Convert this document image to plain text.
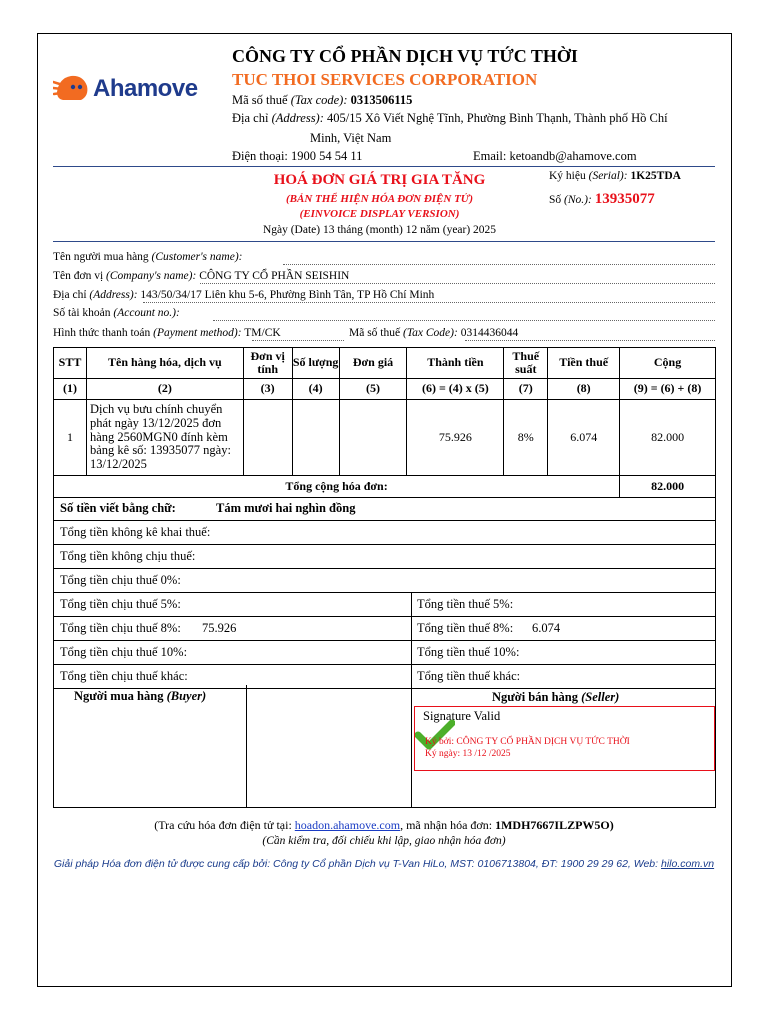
Ahamove
CÔNG TY CỔ PHẦN DỊCH VỤ TỨC THỜI
TUC THOI SERVICES CORPORATION
Mã số thuế (Tax code): 0313506115
Địa chỉ (Address): 405/15 Xô Viết Nghệ Tĩnh, Phường Bình Thạnh, Thành phố Hồ Chí
Minh, Việt Nam
Điện thoại: 1900 54 54 11	Email: ketoandb@ahamove.com
HOÁ ĐƠN GIÁ TRỊ GIA TĂNG
(BẢN THỂ HIỆN HÓA ĐƠN ĐIỆN TỬ)
(EINVOICE DISPLAY VERSION)
Ngày (Date) 13 tháng (month) 12 năm (year) 2025
Ký hiệu (Serial): 1K25TDA
Số (No.): 13935077
Tên người mua hàng (Customer's name):
Tên đơn vị (Company's name): CÔNG TY CỔ PHẦN SEISHIN
Địa chỉ (Address): 143/50/34/17 Liên khu 5-6, Phường Bình Tân, TP Hồ Chí Minh
Số tài khoản (Account no.):
Hình thức thanh toán (Payment method): TM/CK	Mã số thuế (Tax Code): 0314436044
STT	Tên hàng hóa, dịch vụ	Đơn vị tính	Số lượng	Đơn giá	Thành tiền	Thuế suất	Tiền thuế	Cộng
(1)	(2)	(3)	(4)	(5)	(6) = (4) x (5)	(7)	(8)	(9) = (6) + (8)
1	Dịch vụ bưu chính chuyển phát ngày 13/12/2025 đơn hàng 2560MGN0 đính kèm bảng kê số: 13935077 ngày: 13/12/2025				75.926	8%	6.074	82.000
Tổng cộng hóa đơn:								82.000
Số tiền viết bằng chữ:	Tám mươi hai nghìn đồng
Tổng tiền không kê khai thuế:
Tổng tiền không chịu thuế:
Tổng tiền chịu thuế 0%:
Tổng tiền chịu thuế 5%:	Tổng tiền thuế 5%:
Tổng tiền chịu thuế 8%: 75.926	Tổng tiền thuế 8%: 6.074
Tổng tiền chịu thuế 10%:	Tổng tiền thuế 10%:
Tổng tiền chịu thuế khác:	Tổng tiền thuế khác:
Người mua hàng (Buyer)	Người bán hàng (Seller)
Signature Valid
Ký bởi: CÔNG TY CỔ PHẦN DỊCH VỤ TỨC THỜI
Ký ngày: 13 /12 /2025
(Tra cứu hóa đơn điện tử tại: hoadon.ahamove.com, mã nhận hóa đơn: 1MDH7667ILZPW5O)
(Cần kiểm tra, đối chiếu khi lập, giao nhận hóa đơn)
Giải pháp Hóa đơn điện tử được cung cấp bởi: Công ty Cổ phần Dịch vụ T-Van HiLo, MST: 0106713804, ĐT: 1900 29 29 62, Web: hilo.com.vn
